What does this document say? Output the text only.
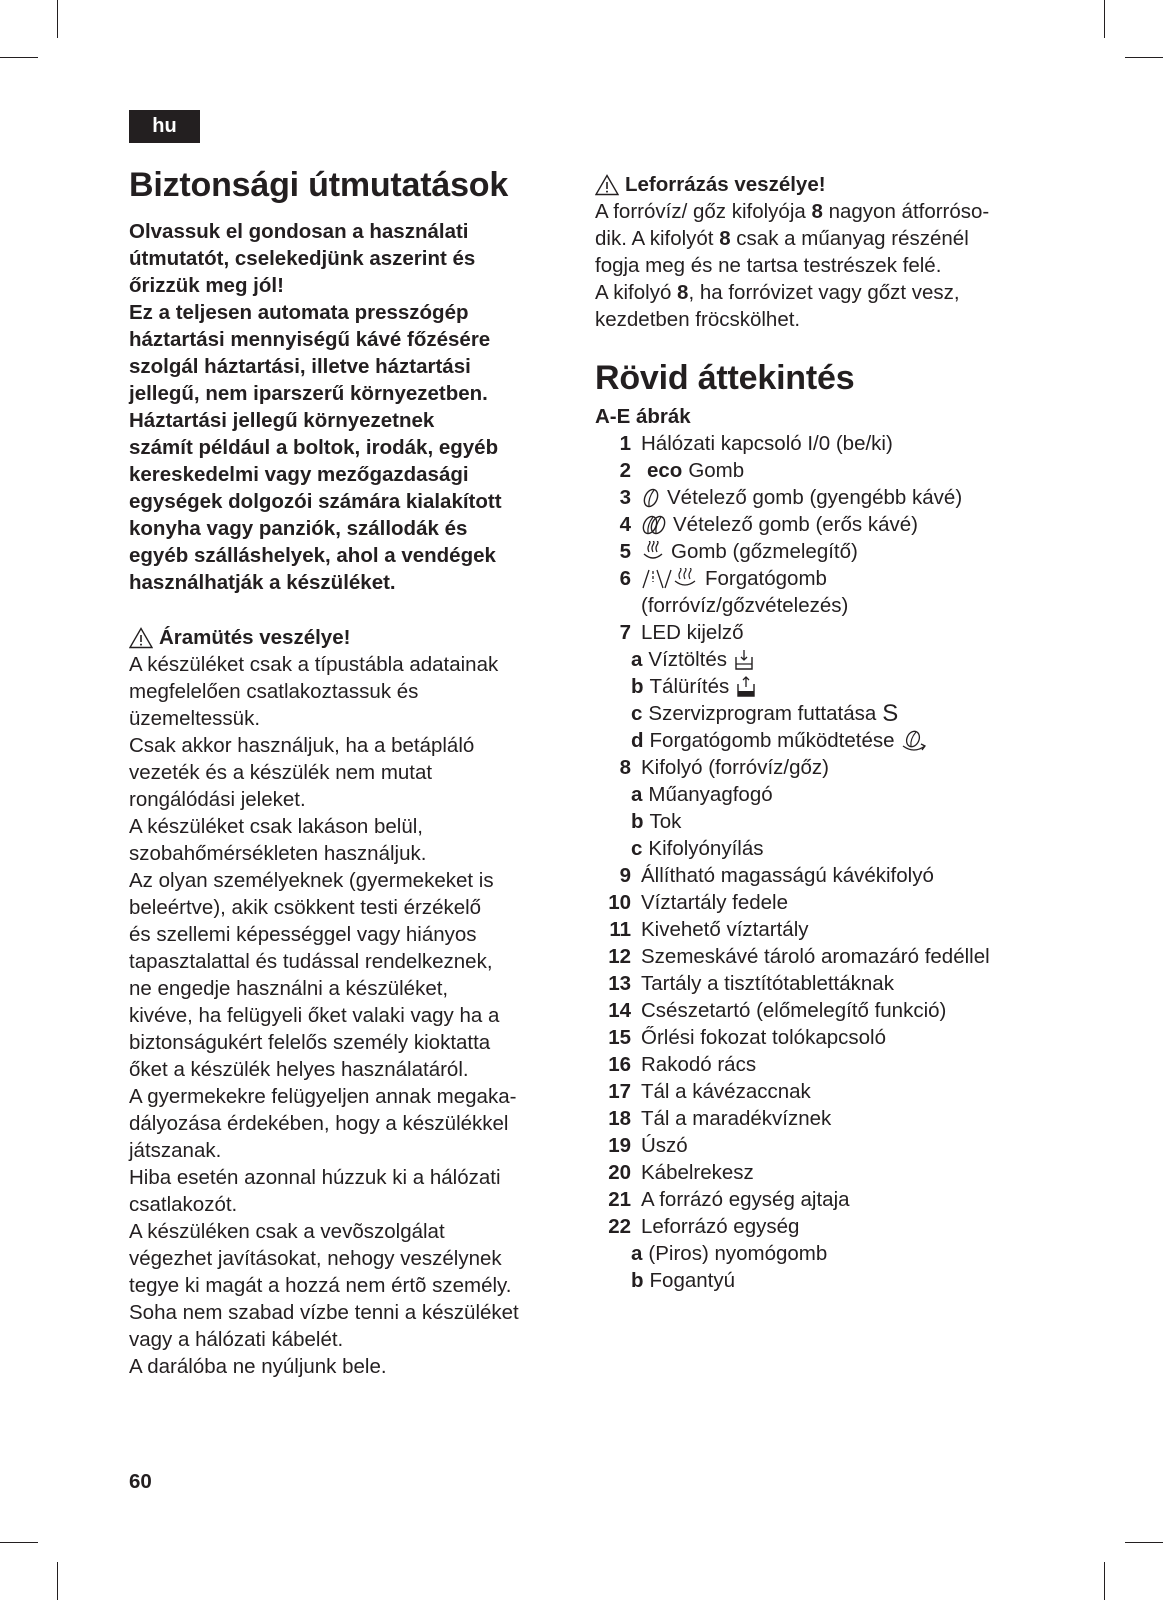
hu
Biztonsági útmutatások

Olvassuk el gondosan a használati

útmutatót, cselekedjünk aszerint és

őrizzük meg jól!

Ez a teljesen automata presszógép

háztartási mennyiségű kávé főzésére

szolgál háztartási, illetve háztartási

jellegű, nem iparszerű környezetben.

Háztartási jellegű környezetnek

számít például a boltok, irodák, egyéb

kereskedelmi vagy mezőgazdasági

egységek dolgozói számára kialakított

konyha vagy panziók, szállodák és

egyéb szálláshelyek, ahol a vendégek

használhatják a készüléket.

Áramütés veszélye!

A készüléket csak a típustábla adatainak

megfelelően csatlakoztassuk és

üzemeltessük.

Csak akkor használjuk, ha a betápláló

vezeték és a készülék nem mutat

rongálódási jeleket.

A készüléket csak lakáson belül,

szobahőmérsékleten használjuk.

Az olyan személyeknek (gyermekeket is

beleértve), akik csökkent testi érzékelő

és szellemi képességgel vagy hiányos

tapasztalattal és tudással rendelkeznek,

ne engedje használni a készüléket,

kivéve, ha felügyeli őket valaki vagy ha a

biztonságukért felelős személy kioktatta

őket a készülék helyes használatáról.

A gyermekekre felügyeljen annak megaka-

dályozása érdekében, hogy a készülékkel

játszanak.

Hiba esetén azonnal húzzuk ki a hálózati

csatlakozót.

A készüléken csak a vevõszolgálat

végezhet javításokat, nehogy veszélynek

tegye ki magát a hozzá nem értõ személy.

Soha nem szabad vízbe tenni a készüléket

vagy a hálózati kábelét.

A darálóba ne nyúljunk bele.

Leforrázás veszélye!

A forróvíz/ gőz kifolyója 8 nagyon átforróso-

dik. A kifolyót 8 csak a műanyag részénél

fogja meg és ne tartsa testrészek felé.

A kifolyó 8, ha forróvizet vagy gőzt vesz,

kezdetben fröcskölhet.

Rövid áttekintés
A-E ábrák
1 Hálózati kapcsoló I/0 (be/ki)
2 eco Gomb
3 Vételező gomb (gyengébb kávé)
4 Vételező gomb (erős kávé)
5 Gomb (gőzmelegítő)
6	Forgatógomb
(forróvíz/gőzvételezés)
7 LED kijelző
a Víztöltés
b Tálürítés
c Szervizprogram futtatása S
d Forgatógomb működtetése
8 Kifolyó (forróvíz/gőz)
a Műanyagfogó
b Tok
c Kifolyónyílás
9 Állítható magasságú kávékifolyó
10 Víztartály fedele
11 Kivehető víztartály
12 Szemeskávé tároló aromazáró fedéllel
13 Tartály a tisztítótablettáknak
14 Csészetartó (előmelegítő funkció)
15 Őrlési fokozat tolókapcsoló
16 Rakodó rács
17 Tál a kávézaccnak
18 Tál a maradékvíznek
19 Úszó
20 Kábelrekesz
21 A forrázó egység ajtaja
22 Leforrázó egység
a (Piros) nyomógomb
b Fogantyú
60
